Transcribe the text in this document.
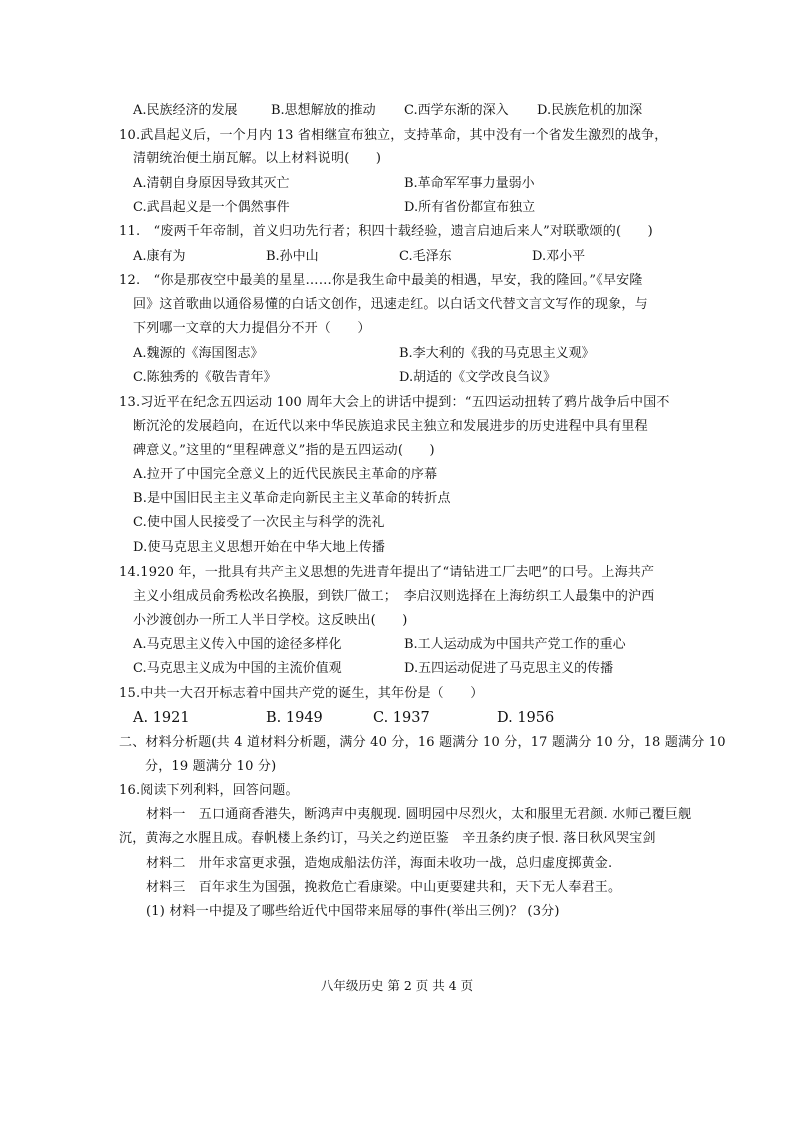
A.民族经济的发展	B.思想解放的推动 C.西学东渐的深入 D.民族危机的加深
10.武昌起义后，一个月内 13 省相继宣布独立，支持革命，其中没有一个省发生激烈的战争，
清朝统治便土崩瓦解。以上材料说明(　　)
A.清朝自身原因导致其灭亡	B.革命军军事力量弱小
C.武昌起义是一个偶然事件	D.所有省份都宣布独立
11.　“废两千年帝制，首义归功先行者；积四十载经验，遗言启迪后来人”对联歌颂的(　　)
A.康有为	B.孙中山	C.毛泽东	D.邓小平
12.　“你是那夜空中最美的星星……你是我生命中最美的相遇，早安，我的隆回。”《早安隆
回》这首歌曲以通俗易懂的白话文创作，迅速走红。以白话文代替文言文写作的现象，与
下列哪一文章的大力提倡分不开（　　）
A.魏源的《海国图志》	B.李大利的《我的马克思主义观》
C.陈独秀的《敬告青年》	D.胡适的《文学改良刍议》
13.习近平在纪念五四运动 100 周年大会上的讲话中提到：“五四运动扭转了鸦片战争后中国不
断沉沦的发展趋向，在近代以来中华民族追求民主独立和发展进步的历史进程中具有里程
碑意义。”这里的“里程碑意义”指的是五四运动(　　)
A.拉开了中国完全意义上的近代民族民主革命的序幕
B.是中国旧民主主义革命走向新民主主义革命的转折点
C.使中国人民接受了一次民主与科学的洗礼
D.使马克思主义思想开始在中华大地上传播
14.1920 年，一批具有共产主义思想的先进青年提出了“请钻进工厂去吧”的口号。上海共产
主义小组成员俞秀松改名换服，到铁厂做工；　李启汉则选择在上海纺织工人最集中的沪西
小沙渡创办一所工人半日学校。这反映出(　　)
A.马克思主义传入中国的途径多样化	B.工人运动成为中国共产党工作的重心
C.马克思主义成为中国的主流价值观	D.五四运动促进了马克思主义的传播
15.中共一大召开标志着中国共产党的诞生，其年份是（　　）
A. 1921	B. 1949	C. 1937	D. 1956
二、材料分析题(共 4 道材料分析题，满分 40 分，16 题满分 10 分，17 题满分 10 分，18 题满分 10
分，19 题满分 10 分)
16.阅读下列利料，回答问题。
材料一　五口通商香港失，断鸿声中夷舰现. 圆明园中尽烈火，太和服里无君颜. 水师己覆巨舰
沉，黄海之水腥且成。春帆楼上条约订，马关之约逆臣鉴　辛丑条约庚子恨. 落日秋风哭宝剑
材料二　卅年求富更求强，造炮成船法仿洋，海面未收功一战，总归虚度掷黄金.
材料三　百年求生为国强，挽救危亡看康梁。中山更要建共和，天下无人奉君王。
(1) 材料一中提及了哪些给近代中国带来屈辱的事件(举出三例)？ (3分)
八年级历史 第 2 页 共 4 页
